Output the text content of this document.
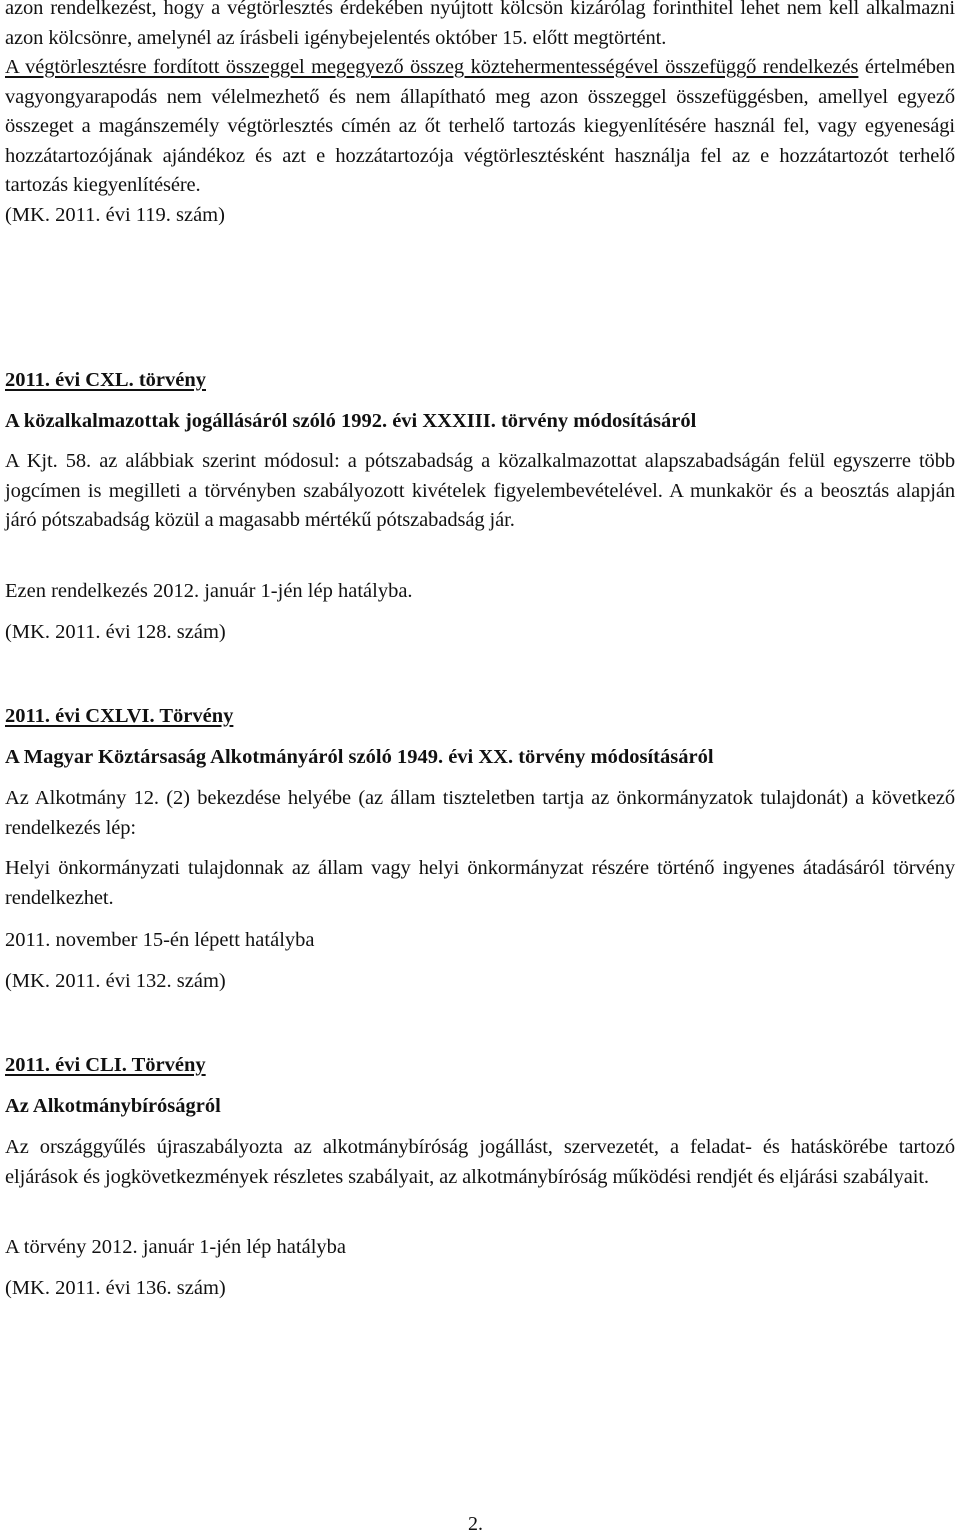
azon rendelkezést, hogy a végtörlesztés érdekében nyújtott kölcsön kizárólag forinthitel lehet nem kell alkalmazni azon kölcsönre, amelynél az írásbeli igénybejelentés október 15. előtt megtörtént.

A végtörlesztésre fordított összeggel megegyező összeg köztehermentességével összefüggő rendelkezés értelmében vagyongyarapodás nem vélelmezhető és nem állapítható meg azon összeggel összefüggésben, amellyel egyező összeget a magánszemély végtörlesztés címén az őt terhelő tartozás kiegyenlítésére használ fel, vagy egyenesági hozzátartozójának ajándékoz és azt e hozzátartozója végtörlesztésként használja fel az e hozzátartozót terhelő tartozás kiegyenlítésére.

(MK. 2011. évi 119. szám)

2011. évi CXL. törvény

A közalkalmazottak jogállásáról szóló 1992. évi XXXIII. törvény módosításáról

A Kjt. 58. az alábbiak szerint módosul: a pótszabadság a közalkalmazottat alapszabadságán felül egyszerre több jogcímen is megilleti a törvényben szabályozott kivételek figyelembevételével. A munkakör és a beosztás alapján járó pótszabadság közül a magasabb mértékű pótszabadság jár.

Ezen rendelkezés 2012. január 1-jén lép hatályba.

(MK. 2011. évi 128. szám)

2011. évi CXLVI. Törvény

A Magyar Köztársaság Alkotmányáról szóló 1949. évi XX. törvény módosításáról

Az Alkotmány 12. (2) bekezdése helyébe (az állam tiszteletben tartja az önkormányzatok tulajdonát) a következő rendelkezés lép:

Helyi önkormányzati tulajdonnak az állam vagy helyi önkormányzat részére történő ingyenes átadásáról törvény rendelkezhet.

2011. november 15-én lépett hatályba

(MK. 2011. évi 132. szám)

2011. évi CLI. Törvény

Az Alkotmánybíróságról

Az országgyűlés újraszabályozta az alkotmánybíróság jogállást, szervezetét, a feladat- és hatáskörébe tartozó eljárások és jogkövetkezmények részletes szabályait, az alkotmánybíróság működési rendjét és eljárási szabályait.

A törvény 2012. január 1-jén lép hatályba

(MK. 2011. évi 136. szám)

2.
